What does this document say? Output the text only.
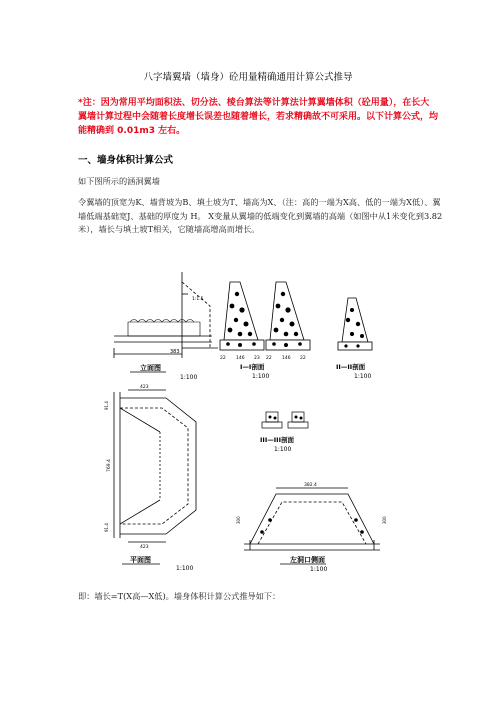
八字墙翼墙（墙身）砼用量精确通用计算公式推导
*注：因为常用平均面积法、切分法、棱台算法等计算法计算翼墙体积（砼用量），在长大翼墙计算过程中会随着长度增长误差也随着增长，若求精确故不可采用。以下计算公式，均能精确到 0.01m3 左右。
一、墙身体积计算公式
如下图所示的涵洞翼墙
令翼墙的顶宽为K、墙背坡为B、填土坡为T、墙高为X、（注：高的一端为X高、低的一端为X低）、翼墙低端基础宽J、基础的厚度为 H。 X变量从翼墙的低端变化到翼墙的高端（如图中从1米变化到3.82米），墙长与填土坡T相关，它随墙高增高而增长。
383
1:1.5
立面图
1:100
22 146 23 22 146 22
I—I剖面
1:100
II—II剖面
1:100
423
423
769.4
91.4
91.4
平面图
1:100
III—III剖面
1:100
382.4
300	300
左洞口侧面
1:100
即：墙长=T(X高—X低)。墙身体积计算公式推导如下：
